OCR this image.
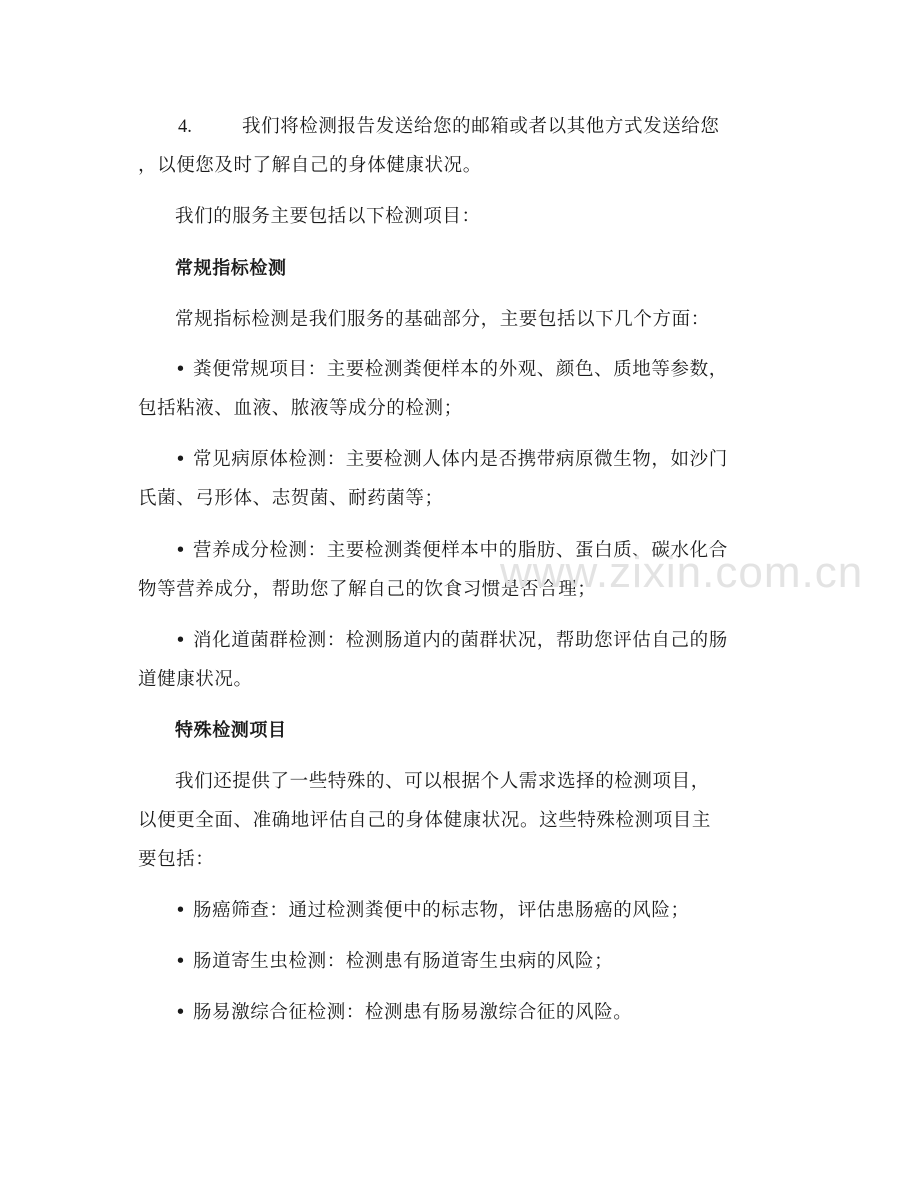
4.	我们将检测报告发送给您的邮箱或者以其他方式发送给您
，以便您及时了解自己的身体健康状况。
我们的服务主要包括以下检测项目：
常规指标检测
常规指标检测是我们服务的基础部分，主要包括以下几个方面：
• 粪便常规项目：主要检测粪便样本的外观、颜色、质地等参数，
包括粘液、血液、脓液等成分的检测；
• 常见病原体检测：主要检测人体内是否携带病原微生物，如沙门
氏菌、弓形体、志贺菌、耐药菌等；
• 营养成分检测：主要检测粪便样本中的脂肪、蛋白质、碳水化合
物等营养成分，帮助您了解自己的饮食习惯是否合理；
• 消化道菌群检测：检测肠道内的菌群状况，帮助您评估自己的肠
道健康状况。
特殊检测项目
我们还提供了一些特殊的、可以根据个人需求选择的检测项目，
以便更全面、准确地评估自己的身体健康状况。这些特殊检测项目主
要包括：
• 肠癌筛查：通过检测粪便中的标志物，评估患肠癌的风险；
• 肠道寄生虫检测：检测患有肠道寄生虫病的风险；
• 肠易激综合征检测：检测患有肠易激综合征的风险。
www.zixin.com.cn
